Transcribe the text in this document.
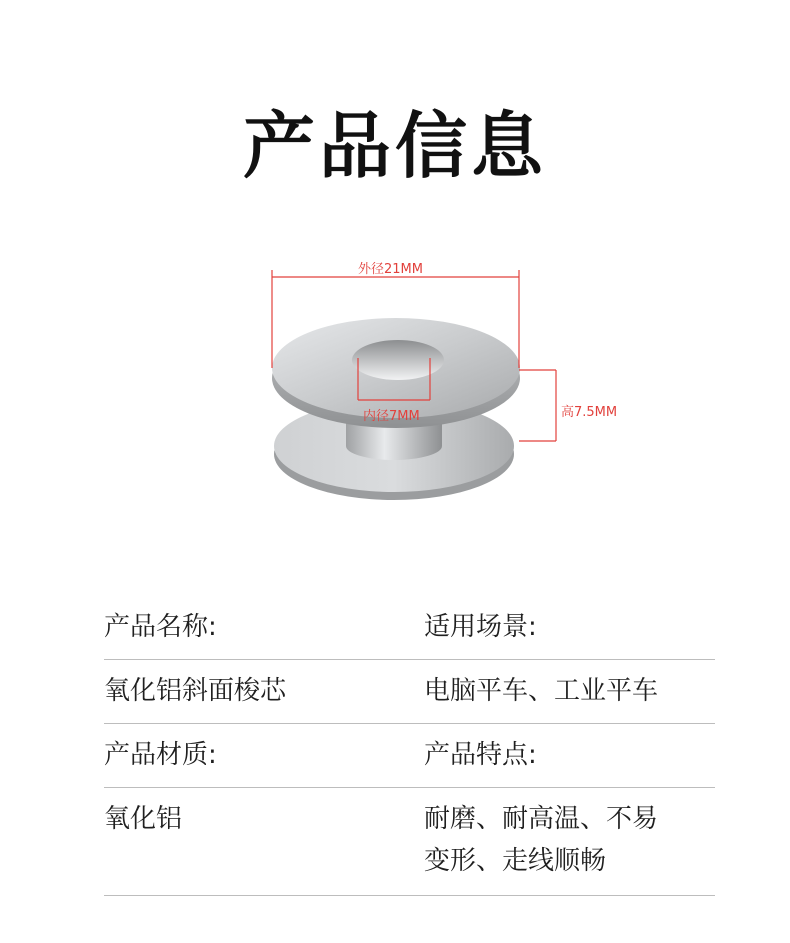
产品信息
外径21MM
内径7MM	高7.5MM
产品名称:	适用场景:
氧化铝斜面梭芯	电脑平车、工业平车
产品材质:	产品特点:
氧化铝	耐磨、耐高温、不易
变形、走线顺畅
